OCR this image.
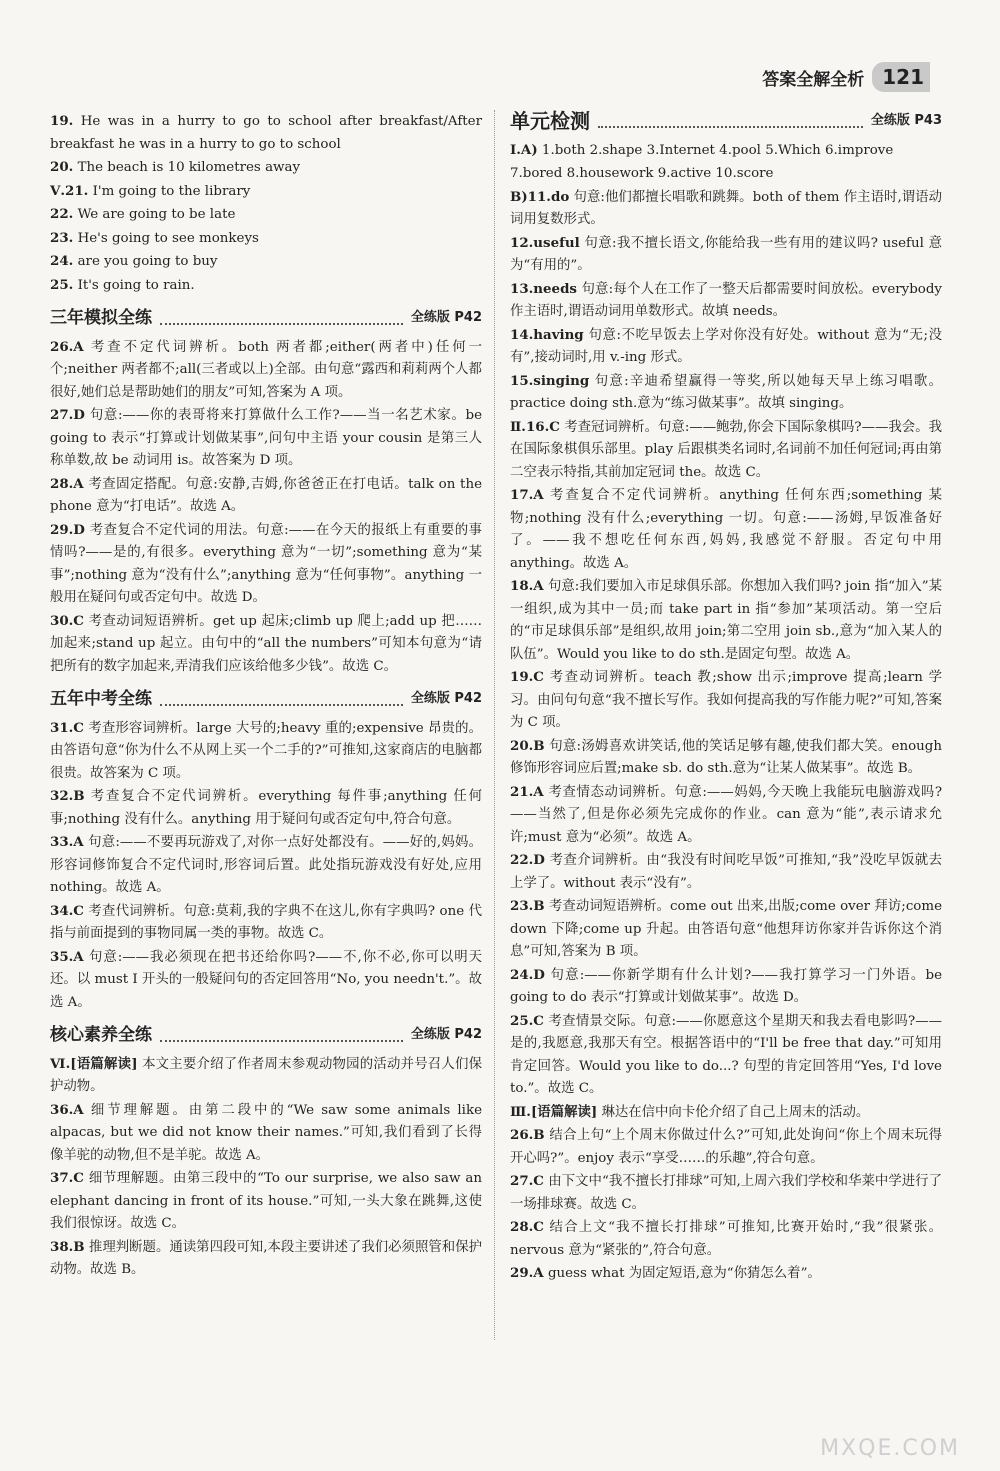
答案全解全析 121

19. He was in a hurry to go to school after breakfast/After breakfast he was in a hurry to go to school

20. The beach is 10 kilometres away

Ⅴ.21. I'm going to the library

22. We are going to be late

23. He's going to see monkeys

24. are you going to buy

25. It's going to rain.

三年模拟全练	全练版 P42

26.A 考查不定代词辨析。both 两者都;either(两者中)任何一个;neither 两者都不;all(三者或以上)全部。由句意“露西和莉莉两个人都很好,她们总是帮助她们的朋友”可知,答案为 A 项。

27.D 句意:——你的表哥将来打算做什么工作?——当一名艺术家。be going to 表示“打算或计划做某事”,问句中主语 your cousin 是第三人称单数,故 be 动词用 is。故答案为 D 项。

28.A 考查固定搭配。句意:安静,吉姆,你爸爸正在打电话。talk on the phone 意为“打电话”。故选 A。

29.D 考查复合不定代词的用法。句意:——在今天的报纸上有重要的事情吗?——是的,有很多。everything 意为“一切”;something 意为“某事”;nothing 意为“没有什么”;anything 意为“任何事物”。anything 一般用在疑问句或否定句中。故选 D。

30.C 考查动词短语辨析。get up 起床;climb up 爬上;add up 把……加起来;stand up 起立。由句中的“all the numbers”可知本句意为“请把所有的数字加起来,弄清我们应该给他多少钱”。故选 C。

五年中考全练	全练版 P42

31.C 考查形容词辨析。large 大号的;heavy 重的;expensive 昂贵的。由答语句意“你为什么不从网上买一个二手的?”可推知,这家商店的电脑都很贵。故答案为 C 项。

32.B 考查复合不定代词辨析。everything 每件事;anything 任何事;nothing 没有什么。anything 用于疑问句或否定句中,符合句意。

33.A 句意:——不要再玩游戏了,对你一点好处都没有。——好的,妈妈。形容词修饰复合不定代词时,形容词后置。此处指玩游戏没有好处,应用 nothing。故选 A。

34.C 考查代词辨析。句意:莫莉,我的字典不在这儿,你有字典吗? one 代指与前面提到的事物同属一类的事物。故选 C。

35.A 句意:——我必须现在把书还给你吗?——不,你不必,你可以明天还。以 must I 开头的一般疑问句的否定回答用“No, you needn't.”。故选 A。

核心素养全练	全练版 P42

Ⅵ.[语篇解读] 本文主要介绍了作者周末参观动物园的活动并号召人们保护动物。

36.A 细节理解题。由第二段中的“We saw some animals like alpacas, but we did not know their names.”可知,我们看到了长得像羊驼的动物,但不是羊驼。故选 A。

37.C 细节理解题。由第三段中的“To our surprise, we also saw an elephant dancing in front of its house.”可知,一头大象在跳舞,这使我们很惊讶。故选 C。

38.B 推理判断题。通读第四段可知,本段主要讲述了我们必须照管和保护动物。故选 B。

单元检测	全练版 P43

Ⅰ.A) 1.both 2.shape 3.Internet 4.pool 5.Which 6.improve

7.bored 8.housework 9.active 10.score

B)11.do 句意:他们都擅长唱歌和跳舞。both of them 作主语时,谓语动词用复数形式。

12.useful 句意:我不擅长语文,你能给我一些有用的建议吗? useful 意为“有用的”。

13.needs 句意:每个人在工作了一整天后都需要时间放松。everybody 作主语时,谓语动词用单数形式。故填 needs。

14.having 句意:不吃早饭去上学对你没有好处。without 意为“无;没有”,接动词时,用 v.-ing 形式。

15.singing 句意:辛迪希望赢得一等奖,所以她每天早上练习唱歌。practice doing sth.意为“练习做某事”。故填 singing。

Ⅱ.16.C 考查冠词辨析。句意:——鲍勃,你会下国际象棋吗?——我会。我在国际象棋俱乐部里。play 后跟棋类名词时,名词前不加任何冠词;再由第二空表示特指,其前加定冠词 the。故选 C。

17.A 考查复合不定代词辨析。anything 任何东西;something 某物;nothing 没有什么;everything 一切。句意:——汤姆,早饭准备好了。——我不想吃任何东西,妈妈,我感觉不舒服。否定句中用 anything。故选 A。

18.A 句意:我们要加入市足球俱乐部。你想加入我们吗? join 指“加入”某一组织,成为其中一员;而 take part in 指“参加”某项活动。第一空后的“市足球俱乐部”是组织,故用 join;第二空用 join sb.,意为“加入某人的队伍”。Would you like to do sth.是固定句型。故选 A。

19.C 考查动词辨析。teach 教;show 出示;improve 提高;learn 学习。由问句句意“我不擅长写作。我如何提高我的写作能力呢?”可知,答案为 C 项。

20.B 句意:汤姆喜欢讲笑话,他的笑话足够有趣,使我们都大笑。enough 修饰形容词应后置;make sb. do sth.意为“让某人做某事”。故选 B。

21.A 考查情态动词辨析。句意:——妈妈,今天晚上我能玩电脑游戏吗?——当然了,但是你必须先完成你的作业。can 意为“能”,表示请求允许;must 意为“必须”。故选 A。

22.D 考查介词辨析。由“我没有时间吃早饭”可推知,“我”没吃早饭就去上学了。without 表示“没有”。

23.B 考查动词短语辨析。come out 出来,出版;come over 拜访;come down 下降;come up 升起。由答语句意“他想拜访你家并告诉你这个消息”可知,答案为 B 项。

24.D 句意:——你新学期有什么计划?——我打算学习一门外语。be going to do 表示“打算或计划做某事”。故选 D。

25.C 考查情景交际。句意:——你愿意这个星期天和我去看电影吗?——是的,我愿意,我那天有空。根据答语中的“I'll be free that day.”可知用肯定回答。Would you like to do...? 句型的肯定回答用“Yes, I'd love to.”。故选 C。

Ⅲ.[语篇解读] 琳达在信中向卡伦介绍了自己上周末的活动。

26.B 结合上句“上个周末你做过什么?”可知,此处询问“你上个周末玩得开心吗?”。enjoy 表示“享受……的乐趣”,符合句意。

27.C 由下文中“我不擅长打排球”可知,上周六我们学校和华莱中学进行了一场排球赛。故选 C。

28.C 结合上文“我不擅长打排球”可推知,比赛开始时,“我”很紧张。nervous 意为“紧张的”,符合句意。

29.A guess what 为固定短语,意为“你猜怎么着”。

MXQE.COM
